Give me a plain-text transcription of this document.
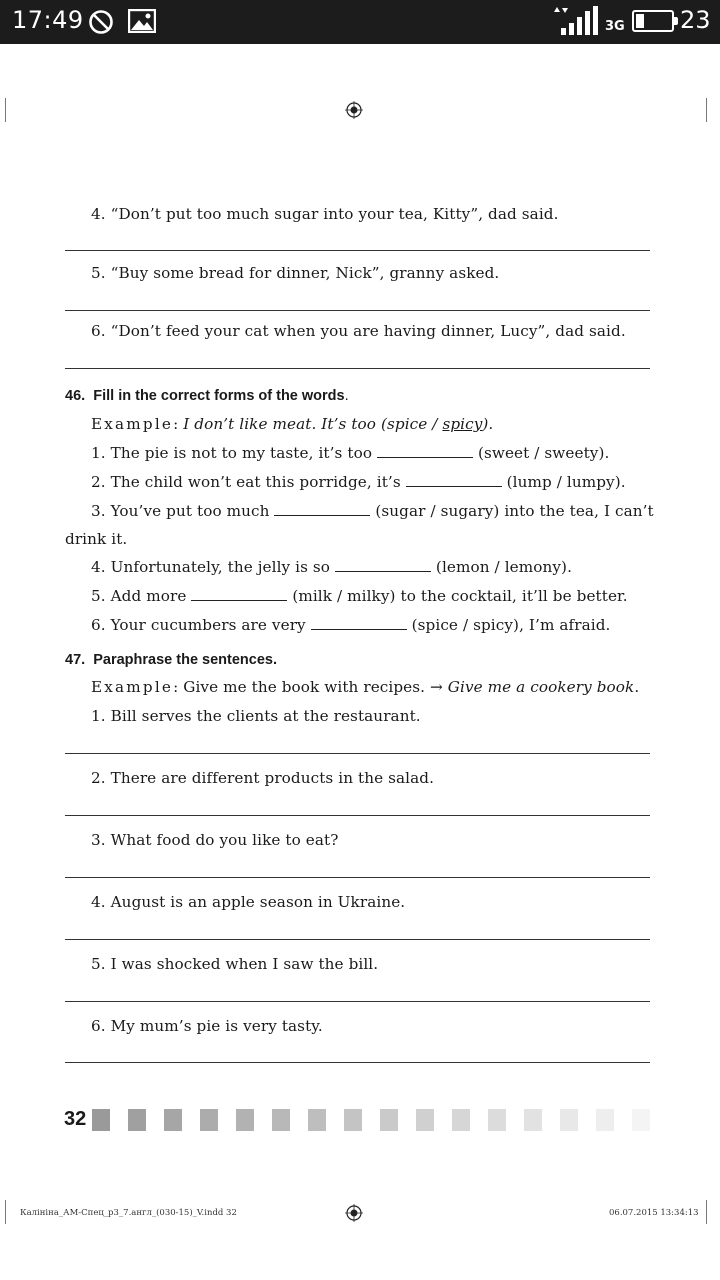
17:49	3G 23
4. “Don’t put too much sugar into your tea, Kitty”, dad said.
5. “Buy some bread for dinner, Nick”, granny asked.
6. “Don’t feed your cat when you are having dinner, Lucy”, dad said.
46. Fill in the correct forms of the words.
Example: I don’t like meat. It’s too (spice / spicy).
1. The pie is not to my taste, it’s too	(sweet / sweety).
2. The child won’t eat this porridge, it’s	(lump / lumpy).
3. You’ve put too much	(sugar / sugary) into the tea, I can’t
drink it.
4. Unfortunately, the jelly is so	(lemon / lemony).
5. Add more	(milk / milky) to the cocktail, it’ll be better.
6. Your cucumbers are very	(spice / spicy), I’m afraid.
47. Paraphrase the sentences.
Example: Give me the book with recipes. → Give me a cookery book.
1. Bill serves the clients at the restaurant.
2. There are different products in the salad.
3. What food do you like to eat?
4. August is an apple season in Ukraine.
5. I was shocked when I saw the bill.
6. My mum’s pie is very tasty.
32
Калініна_АМ-Спец_р3_7.англ_(030-15)_V.indd 32	06.07.2015 13:34:13
